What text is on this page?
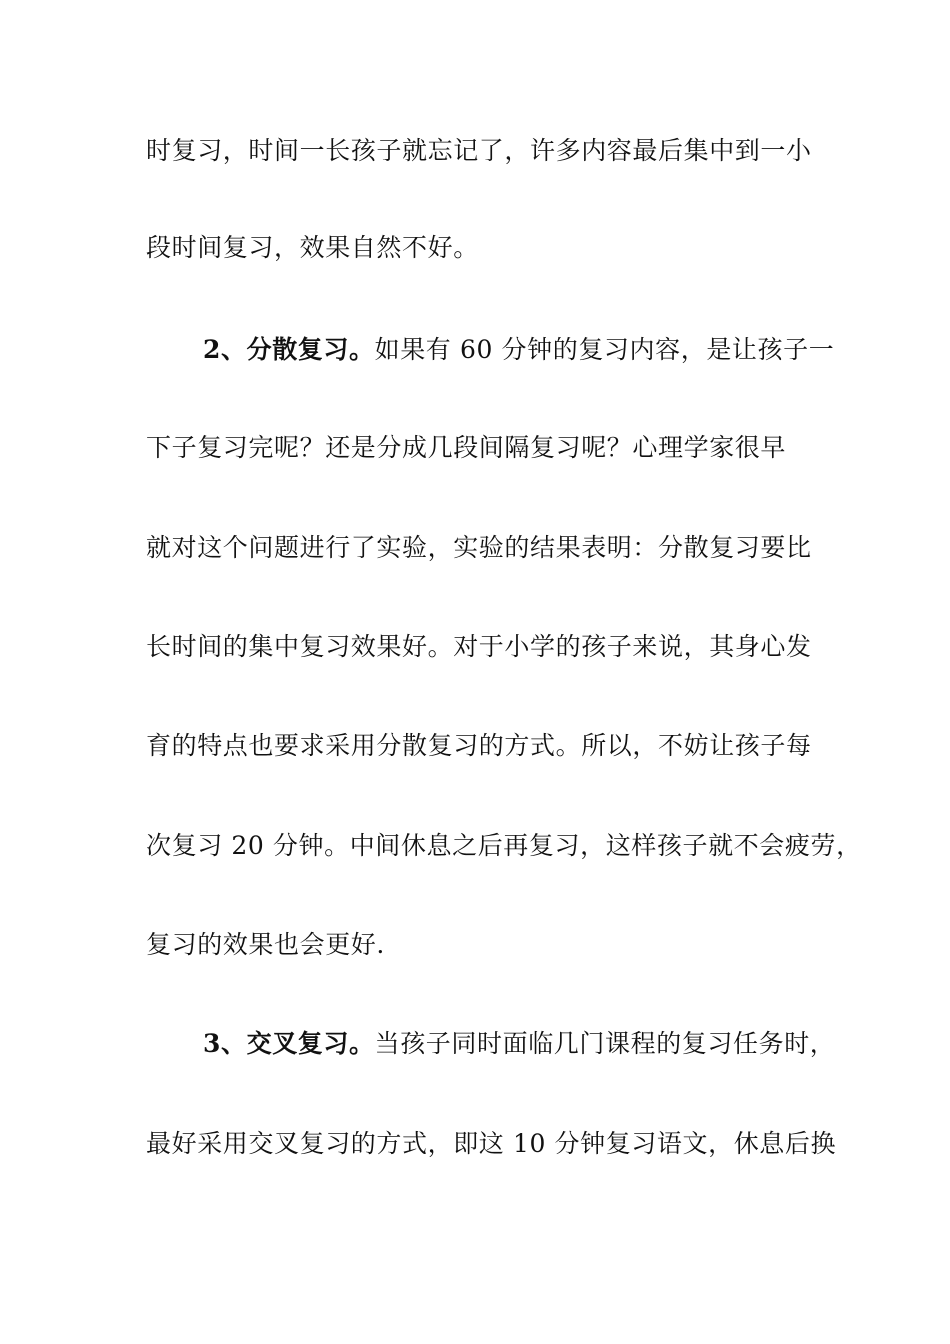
时复习，时间一长孩子就忘记了，许多内容最后集中到一小
段时间复习，效果自然不好。
2、分散复习。如果有 60 分钟的复习内容，是让孩子一
下子复习完呢？还是分成几段间隔复习呢？心理学家很早
就对这个问题进行了实验，实验的结果表明：分散复习要比
长时间的集中复习效果好。对于小学的孩子来说，其身心发
育的特点也要求采用分散复习的方式。所以，不妨让孩子每
次复习 20 分钟。中间休息之后再复习，这样孩子就不会疲劳，
复习的效果也会更好.
3、交叉复习。当孩子同时面临几门课程的复习任务时，
最好采用交叉复习的方式，即这 10 分钟复习语文，休息后换
